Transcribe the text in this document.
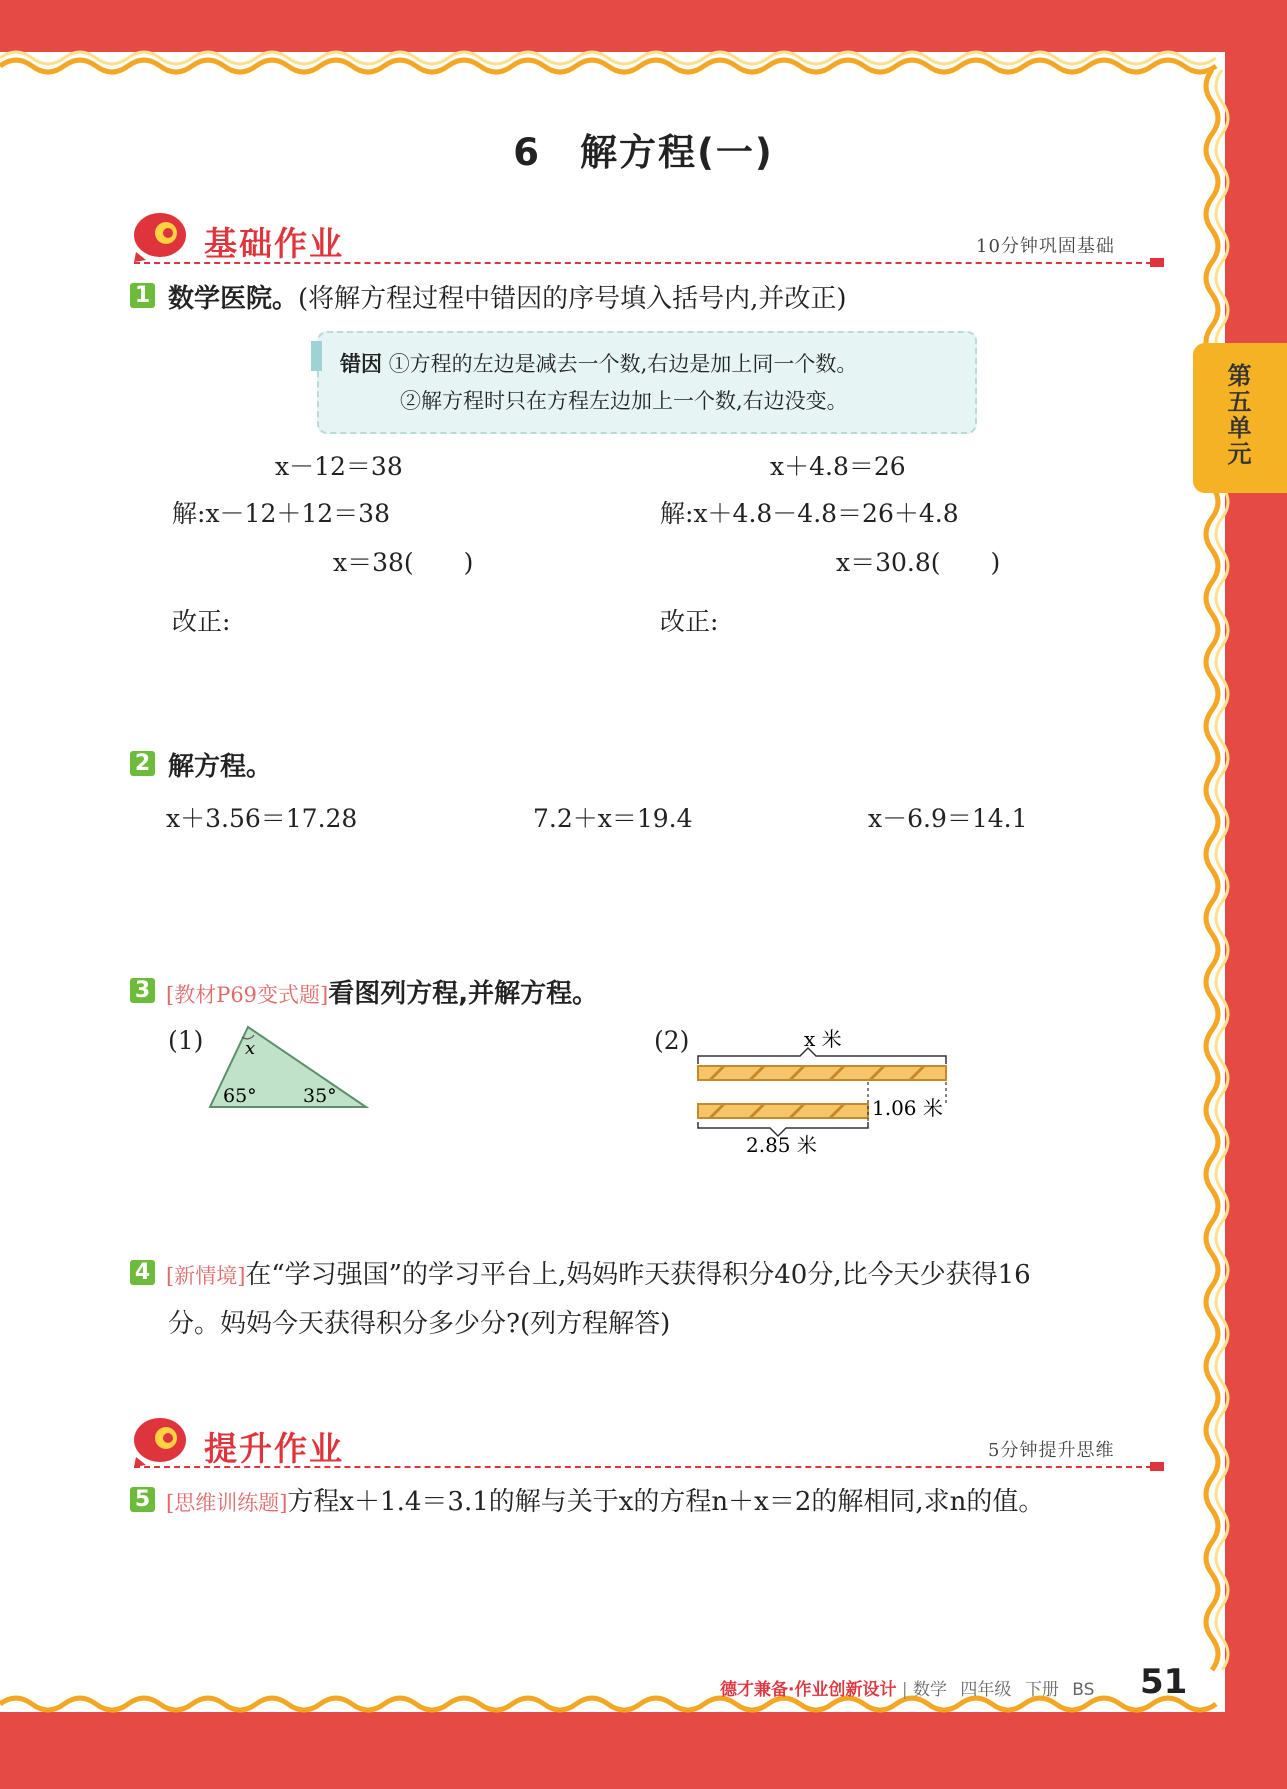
第五单元
6　解方程(一)
基础作业	10分钟巩固基础
1 数学医院。(将解方程过程中错因的序号填入括号内,并改正)
错因 ①方程的左边是减去一个数,右边是加上同一个数。
②解方程时只在方程左边加上一个数,右边没变。
x－12＝38
解:x－12＋12＝38
x＝38(　　)
改正:
x＋4.8＝26
解:x＋4.8－4.8＝26＋4.8
x＝30.8(　　)
改正:
2 解方程。
x＋3.56＝17.28	7.2＋x＝19.4	x－6.9＝14.1
3 [教材P69变式题]看图列方程,并解方程。
(1) x
65° 35°
(2)	x 米
1.06 米
2.85 米
4 [新情境]在“学习强国”的学习平台上,妈妈昨天获得积分40分,比今天少获得16
分。妈妈今天获得积分多少分?(列方程解答)
提升作业	5分钟提升思维
5 [思维训练题]方程x＋1.4＝3.1的解与关于x的方程n＋x＝2的解相同,求n的值。
德才兼备·作业创新设计 | 数学 四年级 下册 BS 51
